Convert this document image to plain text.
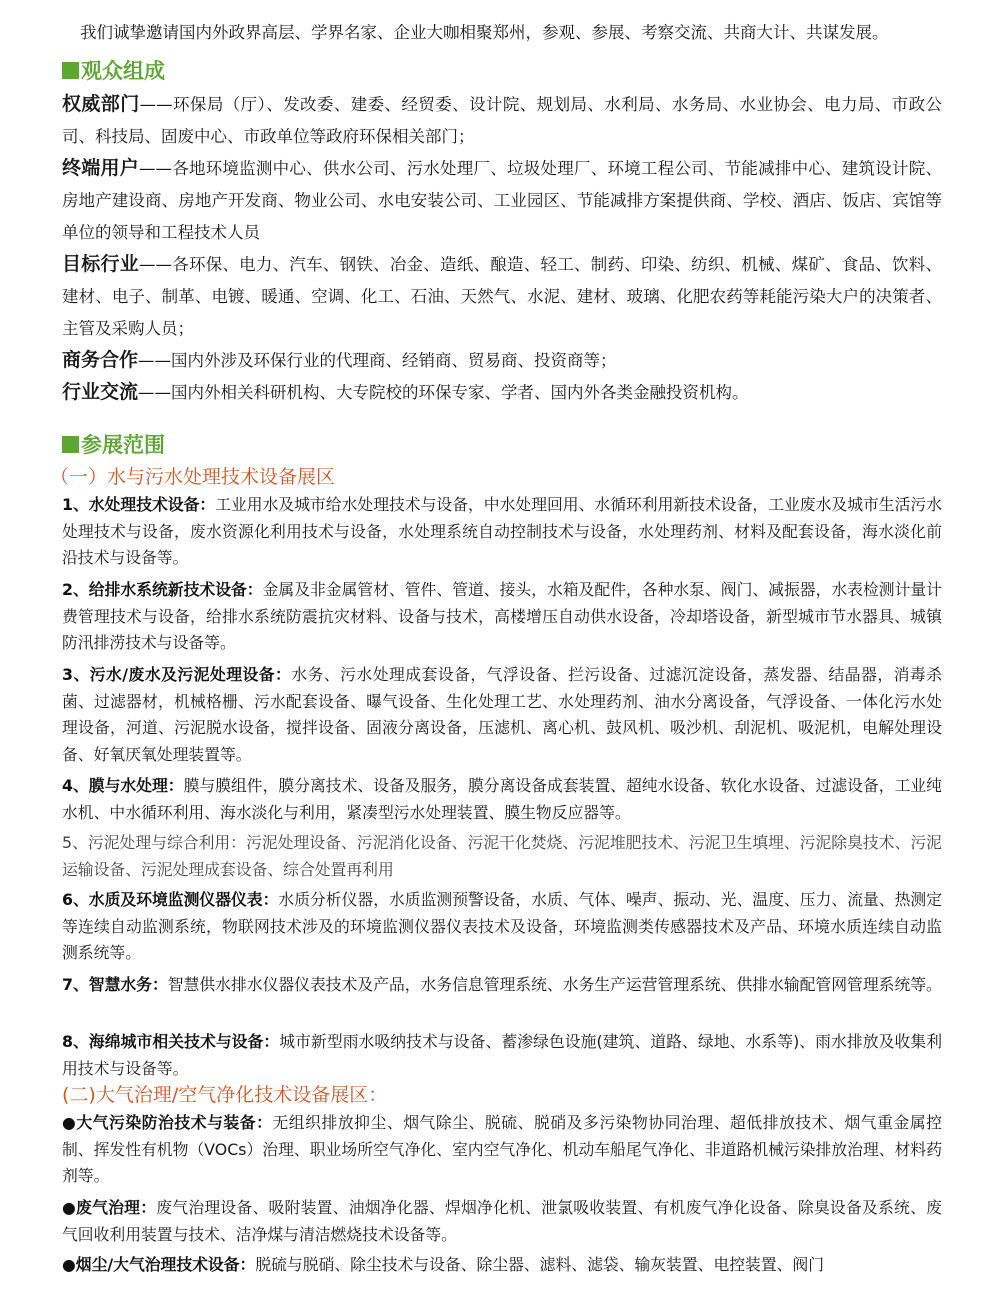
我们诚挚邀请国内外政界高层、学界名家、企业大咖相聚郑州，参观、参展、考察交流、共商大计、共谋发展。
观众组成
权威部门——环保局（厅）、发改委、建委、经贸委、设计院、规划局、水利局、水务局、水业协会、电力局、市政公司、科技局、固废中心、市政单位等政府环保相关部门；
终端用户——各地环境监测中心、供水公司、污水处理厂、垃圾处理厂、环境工程公司、节能减排中心、建筑设计院、房地产建设商、房地产开发商、物业公司、水电安装公司、工业园区、节能减排方案提供商、学校、酒店、饭店、宾馆等单位的领导和工程技术人员
目标行业——各环保、电力、汽车、钢铁、冶金、造纸、酿造、轻工、制药、印染、纺织、机械、煤矿、食品、饮料、建材、电子、制革、电镀、暖通、空调、化工、石油、天然气、水泥、建材、玻璃、化肥农药等耗能污染大户的决策者、主管及采购人员；
商务合作——国内外涉及环保行业的代理商、经销商、贸易商、投资商等；
行业交流——国内外相关科研机构、大专院校的环保专家、学者、国内外各类金融投资机构。
参展范围
（一）水与污水处理技术设备展区
1、水处理技术设备：工业用水及城市给水处理技术与设备，中水处理回用、水循环利用新技术设备，工业废水及城市生活污水处理技术与设备，废水资源化利用技术与设备，水处理系统自动控制技术与设备，水处理药剂、材料及配套设备，海水淡化前沿技术与设备等。
2、给排水系统新技术设备：金属及非金属管材、管件、管道、接头，水箱及配件，各种水泵、阀门、减振器，水表检测计量计费管理技术与设备，给排水系统防震抗灾材料、设备与技术，高楼增压自动供水设备，冷却塔设备，新型城市节水器具、城镇防汛排涝技术与设备等。
3、污水/废水及污泥处理设备：水务、污水处理成套设备，气浮设备、拦污设备、过滤沉淀设备，蒸发器、结晶器，消毒杀菌、过滤器材，机械格栅、污水配套设备、曝气设备、生化处理工艺、水处理药剂、油水分离设备，气浮设备、一体化污水处理设备，河道、污泥脱水设备，搅拌设备、固液分离设备，压滤机、离心机、鼓风机、吸沙机、刮泥机、吸泥机，电解处理设备、好氧厌氧处理装置等。
4、膜与水处理：膜与膜组件，膜分离技术、设备及服务，膜分离设备成套装置、超纯水设备、软化水设备、过滤设备，工业纯水机、中水循环利用、海水淡化与利用，紧凑型污水处理装置、膜生物反应器等。
5、污泥处理与综合利用：污泥处理设备、污泥消化设备、污泥干化焚烧、污泥堆肥技术、污泥卫生填埋、污泥除臭技术、污泥运输设备、污泥处理成套设备、综合处置再利用
6、水质及环境监测仪器仪表：水质分析仪器，水质监测预警设备，水质、气体、噪声、振动、光、温度、压力、流量、热测定等连续自动监测系统，物联网技术涉及的环境监测仪器仪表技术及设备，环境监测类传感器技术及产品、环境水质连续自动监测系统等。
7、智慧水务：智慧供水排水仪器仪表技术及产品，水务信息管理系统、水务生产运营管理系统、供排水输配管网管理系统等。
8、海绵城市相关技术与设备：城市新型雨水吸纳技术与设备、蓄渗绿色设施(建筑、道路、绿地、水系等)、雨水排放及收集利用技术与设备等。
(二)大气治理/空气净化技术设备展区：
●大气污染防治技术与装备：无组织排放抑尘、烟气除尘、脱硫、脱硝及多污染物协同治理、超低排放技术、烟气重金属控制、挥发性有机物（VOCs）治理、职业场所空气净化、室内空气净化、机动车船尾气净化、非道路机械污染排放治理、材料药剂等。
●废气治理：废气治理设备、吸附装置、油烟净化器、焊烟净化机、泄氯吸收装置、有机废气净化设备、除臭设备及系统、废气回收利用装置与技术、洁净煤与清洁燃烧技术设备等。
●烟尘/大气治理技术设备：脱硫与脱硝、除尘技术与设备、除尘器、滤料、滤袋、输灰装置、电控装置、阀门
